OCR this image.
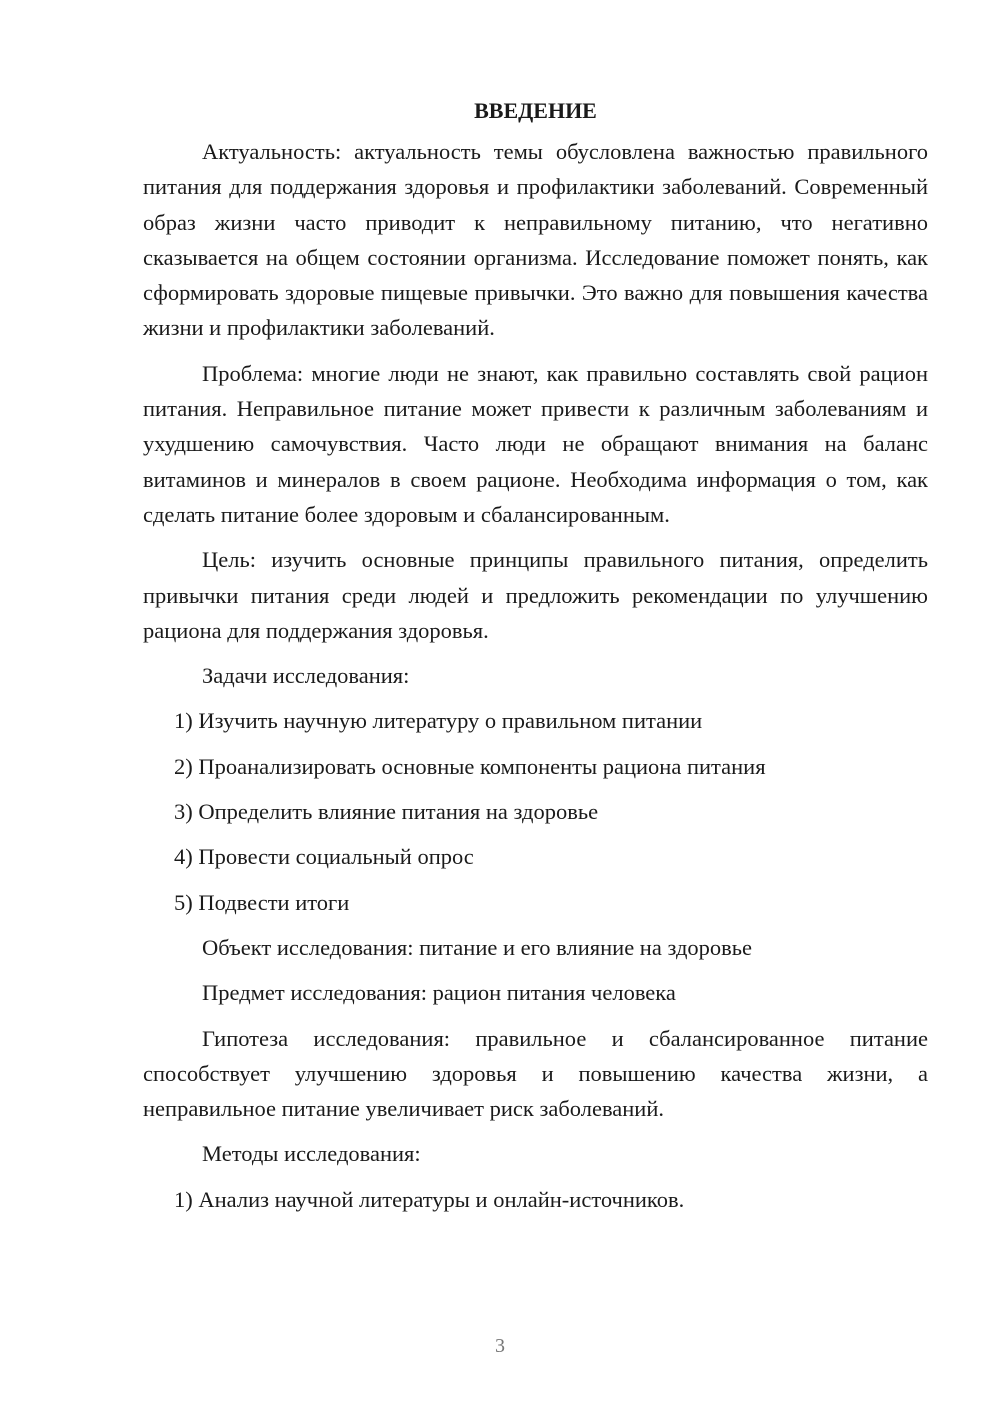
ВВЕДЕНИЕ

Актуальность: актуальность темы обусловлена важностью правильного питания для поддержания здоровья и профилактики заболеваний. Современный образ жизни часто приводит к неправильному питанию, что негативно сказывается на общем состоянии организма. Исследование поможет понять, как сформировать здоровые пищевые привычки. Это важно для повышения качества жизни и профилактики заболеваний.

Проблема: многие люди не знают, как правильно составлять свой рацион питания. Неправильное питание может привести к различным заболеваниям и ухудшению самочувствия. Часто люди не обращают внимания на баланс витаминов и минералов в своем рационе. Необходима информация о том, как сделать питание более здоровым и сбалансированным.

Цель: изучить основные принципы правильного питания, определить привычки питания среди людей и предложить рекомендации по улучшению рациона для поддержания здоровья.

Задачи исследования:

1) Изучить научную литературу о правильном питании

2) Проанализировать основные компоненты рациона питания

3) Определить влияние питания на здоровье

4) Провести социальный опрос

5) Подвести итоги

Объект исследования: питание и его влияние на здоровье

Предмет исследования: рацион питания человека

Гипотеза исследования: правильное и сбалансированное питание способствует улучшению здоровья и повышению качества жизни, а неправильное питание увеличивает риск заболеваний.

Методы исследования:

1) Анализ научной литературы и онлайн-источников.

3
